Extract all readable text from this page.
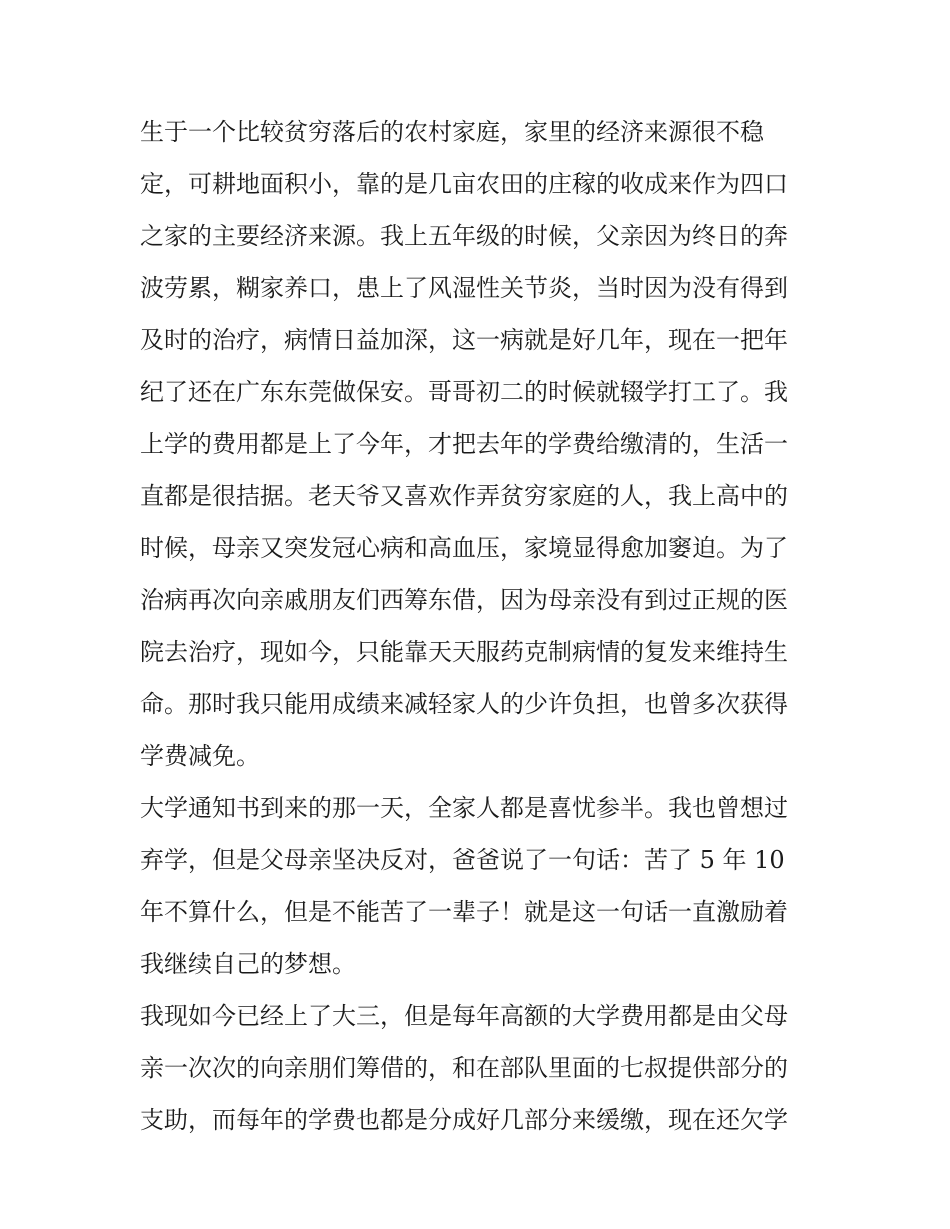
生于一个比较贫穷落后的农村家庭，家里的经济来源很不稳
定，可耕地面积小，靠的是几亩农田的庄稼的收成来作为四口
之家的主要经济来源。我上五年级的时候，父亲因为终日的奔
波劳累，糊家养口，患上了风湿性关节炎，当时因为没有得到
及时的治疗，病情日益加深，这一病就是好几年，现在一把年
纪了还在广东东莞做保安。哥哥初二的时候就辍学打工了。我
上学的费用都是上了今年，才把去年的学费给缴清的，生活一
直都是很拮据。老天爷又喜欢作弄贫穷家庭的人，我上高中的
时候，母亲又突发冠心病和高血压，家境显得愈加窭迫。为了
治病再次向亲戚朋友们西筹东借，因为母亲没有到过正规的医
院去治疗，现如今，只能靠天天服药克制病情的复发来维持生
命。那时我只能用成绩来减轻家人的少许负担，也曾多次获得
学费减免。
大学通知书到来的那一天，全家人都是喜忧参半。我也曾想过
弃学，但是父母亲坚决反对，爸爸说了一句话：苦了 5 年 10
年不算什么，但是不能苦了一辈子！就是这一句话一直激励着
我继续自己的梦想。
我现如今已经上了大三，但是每年高额的大学费用都是由父母
亲一次次的向亲朋们筹借的，和在部队里面的七叔提供部分的
支助，而每年的学费也都是分成好几部分来缓缴，现在还欠学
